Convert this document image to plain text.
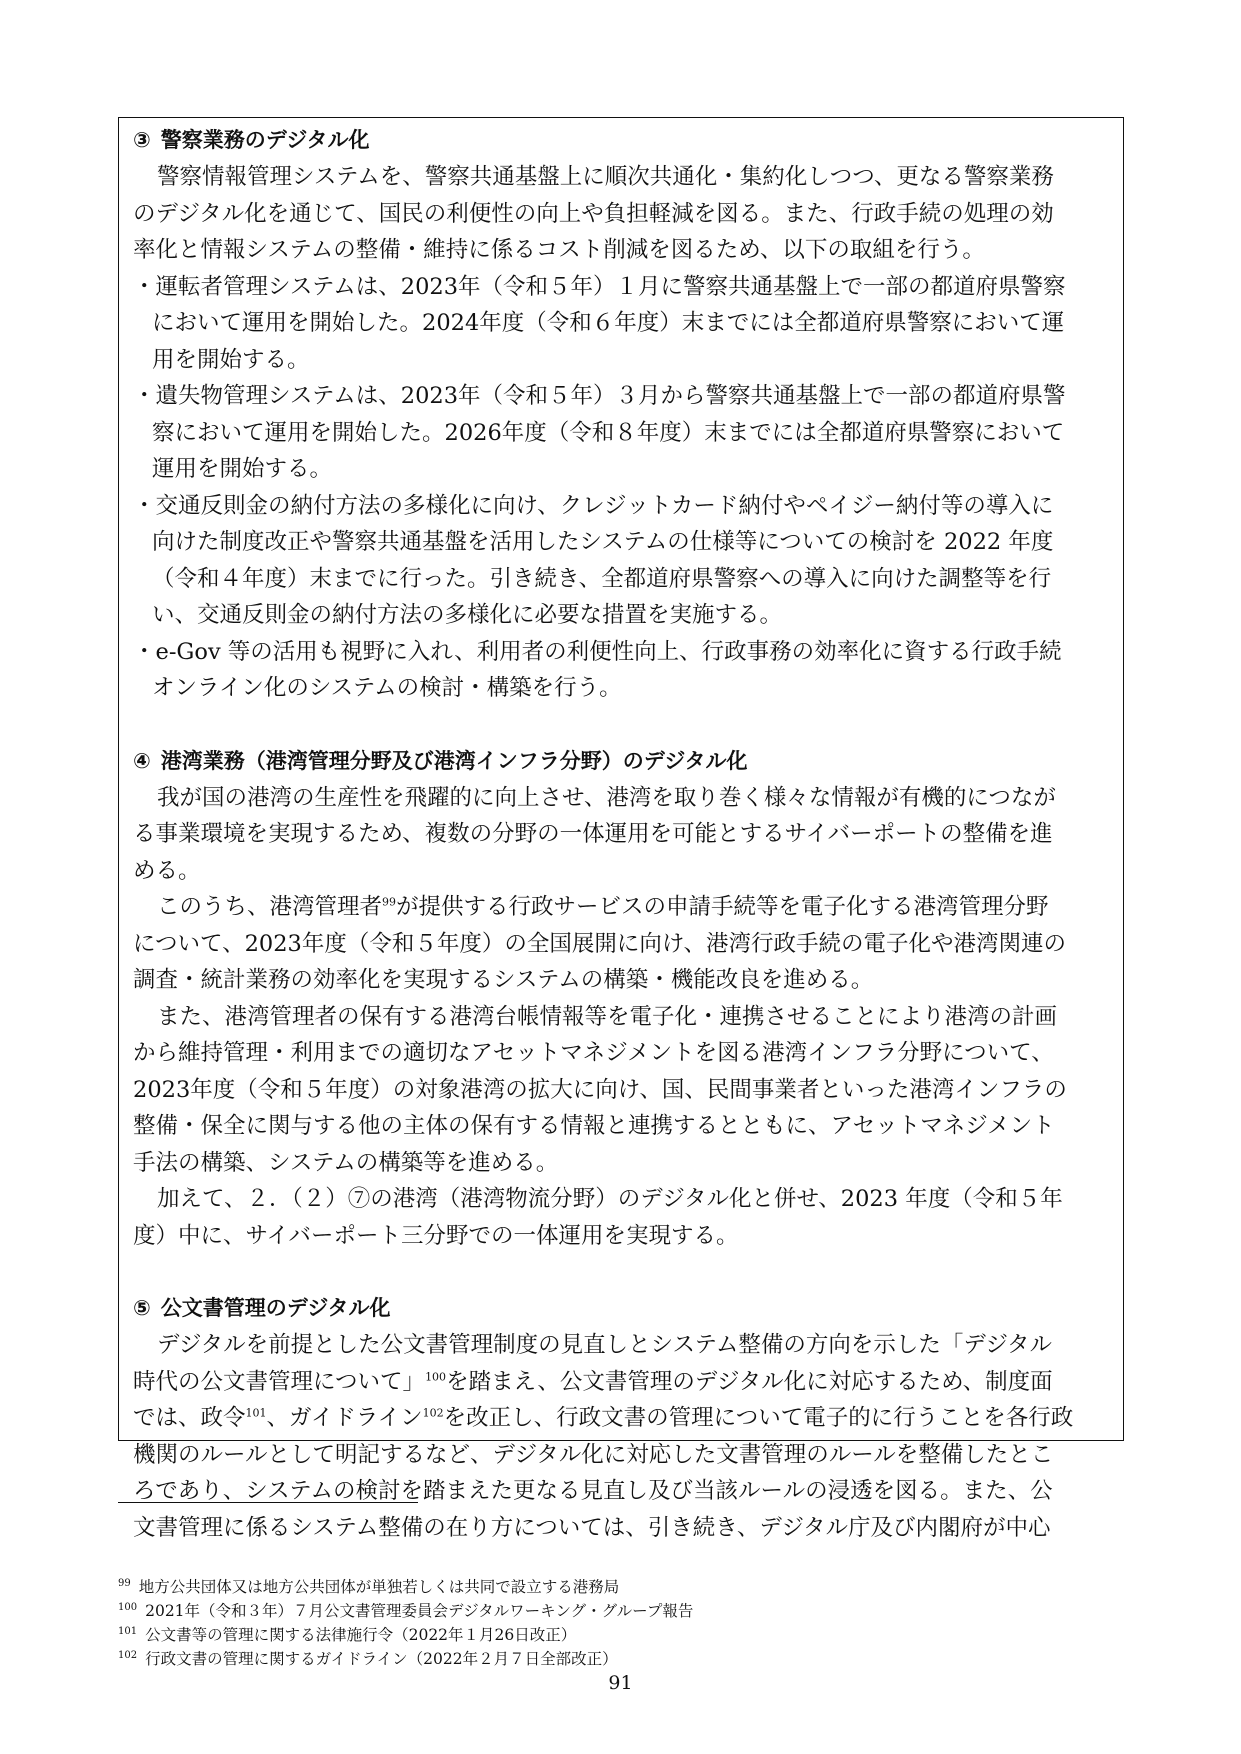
③ 警察業務のデジタル化
警察情報管理システムを、警察共通基盤上に順次共通化・集約化しつつ、更なる警察業務
のデジタル化を通じて、国民の利便性の向上や負担軽減を図る。また、行政手続の処理の効
率化と情報システムの整備・維持に係るコスト削減を図るため、以下の取組を行う。
・運転者管理システムは、2023年（令和５年）１月に警察共通基盤上で一部の都道府県警察
において運用を開始した。2024年度（令和６年度）末までには全都道府県警察において運
用を開始する。
・遺失物管理システムは、2023年（令和５年）３月から警察共通基盤上で一部の都道府県警
察において運用を開始した。2026年度（令和８年度）末までには全都道府県警察において
運用を開始する。
・交通反則金の納付方法の多様化に向け、クレジットカード納付やペイジー納付等の導入に
向けた制度改正や警察共通基盤を活用したシステムの仕様等についての検討を 2022 年度
（令和４年度）末までに行った。引き続き、全都道府県警察への導入に向けた調整等を行
い、交通反則金の納付方法の多様化に必要な措置を実施する。
・e-Gov 等の活用も視野に入れ、利用者の利便性向上、行政事務の効率化に資する行政手続
オンライン化のシステムの検討・構築を行う。
④ 港湾業務（港湾管理分野及び港湾インフラ分野）のデジタル化
我が国の港湾の生産性を飛躍的に向上させ、港湾を取り巻く様々な情報が有機的につなが
る事業環境を実現するため、複数の分野の一体運用を可能とするサイバーポートの整備を進
める。
このうち、港湾管理者$^{99}$が提供する行政サービスの申請手続等を電子化する港湾管理分野
について、2023年度（令和５年度）の全国展開に向け、港湾行政手続の電子化や港湾関連の
調査・統計業務の効率化を実現するシステムの構築・機能改良を進める。
また、港湾管理者の保有する港湾台帳情報等を電子化・連携させることにより港湾の計画
から維持管理・利用までの適切なアセットマネジメントを図る港湾インフラ分野について、
2023年度（令和５年度）の対象港湾の拡大に向け、国、民間事業者といった港湾インフラの
整備・保全に関与する他の主体の保有する情報と連携するとともに、アセットマネジメント
手法の構築、システムの構築等を進める。
加えて、２．（２）⑦の港湾（港湾物流分野）のデジタル化と併せ、2023 年度（令和５年
度）中に、サイバーポート三分野での一体運用を実現する。
⑤ 公文書管理のデジタル化
デジタルを前提とした公文書管理制度の見直しとシステム整備の方向を示した「デジタル
時代の公文書管理について」$^{100}$を踏まえ、公文書管理のデジタル化に対応するため、制度面
では、政令$^{101}$、ガイドライン$^{102}$を改正し、行政文書の管理について電子的に行うことを各行政
機関のルールとして明記するなど、デジタル化に対応した文書管理のルールを整備したとこ
ろであり、システムの検討を踏まえた更なる見直し及び当該ルールの浸透を図る。また、公
文書管理に係るシステム整備の在り方については、引き続き、デジタル庁及び内閣府が中心
$^{99}$ 地方公共団体又は地方公共団体が単独若しくは共同で設立する港務局
$^{100}$ 2021年（令和３年）７月公文書管理委員会デジタルワーキング・グループ報告
$^{101}$ 公文書等の管理に関する法律施行令（2022年１月26日改正）
$^{102}$ 行政文書の管理に関するガイドライン（2022年２月７日全部改正）
91
